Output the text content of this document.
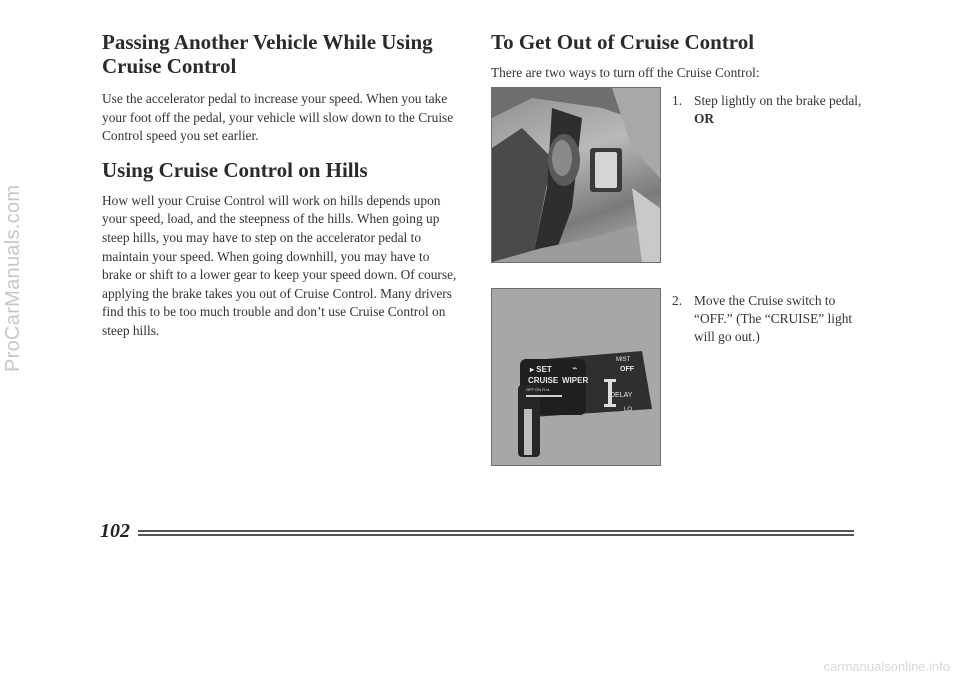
ProCarManuals.com
Passing Another Vehicle While Using Cruise Control

Use the accelerator pedal to increase your speed. When you take your foot off the pedal, your vehicle will slow down to the Cruise Control speed you set earlier.

Using Cruise Control on Hills

How well your Cruise Control will work on hills depends upon your speed, load, and the steepness of the hills. When going up steep hills, you may have to step on the accelerator pedal to maintain your speed. When going downhill, you may have to brake or shift to a lower gear to keep your speed down. Of course, applying the brake takes you out of Cruise Control. Many drivers find this to be too much trouble and don’t use Cruise Control on steep hills.

To Get Out of Cruise Control

There are two ways to turn off the Cruise Control:

1. Step lightly on the brake pedal, OR
▸ SET
CRUISE
OFF ON R.ia
WIPER
⌁
MIST
OFF
DELAY
LO
2. Move the Cruise switch to “OFF.” (The “CRUISE” light will go out.)
102
carmanualsonline.info
